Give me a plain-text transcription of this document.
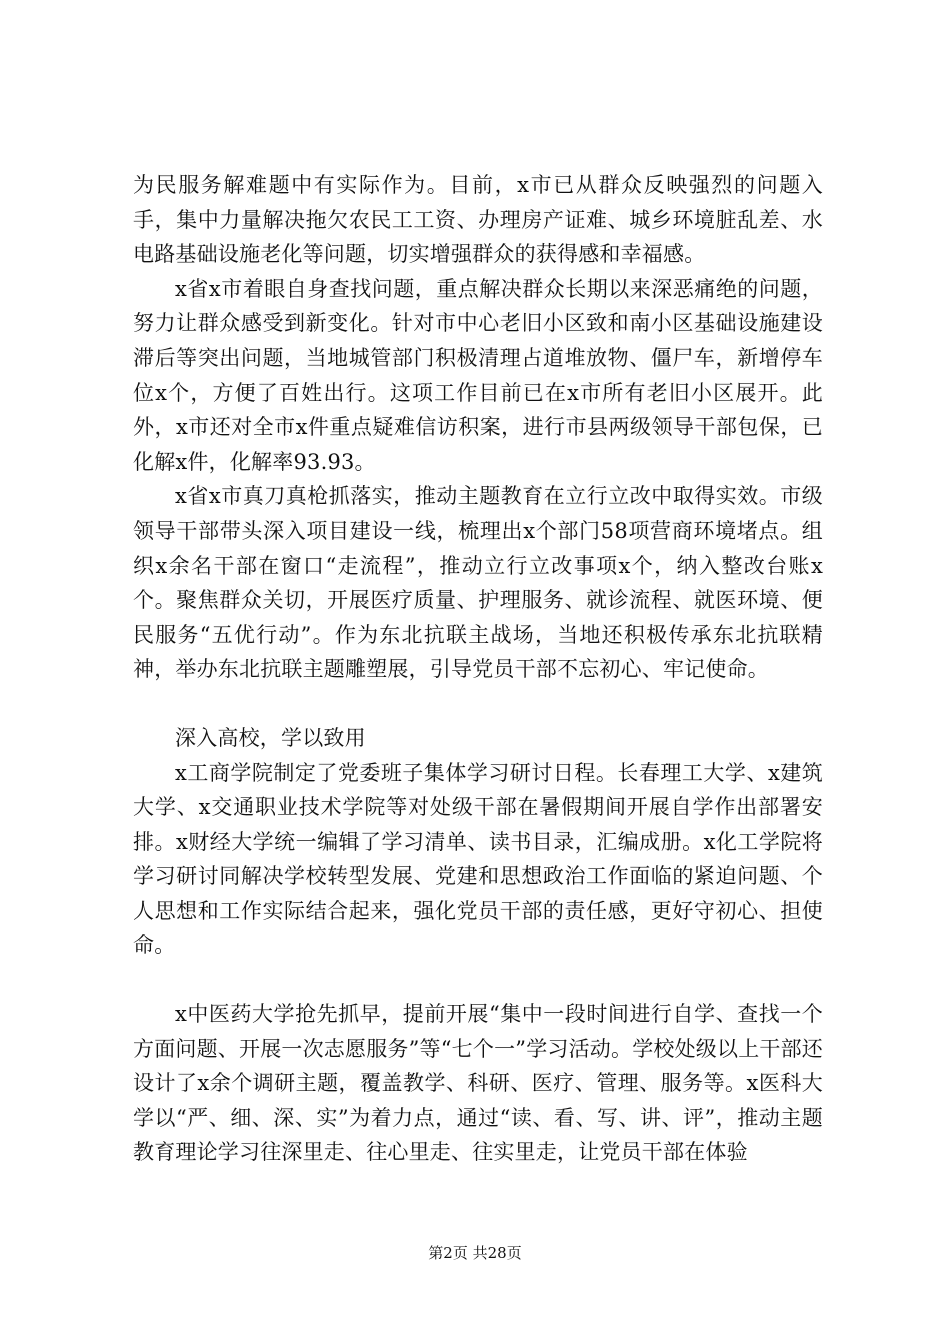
为民服务解难题中有实际作为。目前，x市已从群众反映强烈的问题入手，集中力量解决拖欠农民工工资、办理房产证难、城乡环境脏乱差、水电路基础设施老化等问题，切实增强群众的获得感和幸福感。

x省x市着眼自身查找问题，重点解决群众长期以来深恶痛绝的问题，努力让群众感受到新变化。针对市中心老旧小区致和南小区基础设施建设滞后等突出问题，当地城管部门积极清理占道堆放物、僵尸车，新增停车位x个，方便了百姓出行。这项工作目前已在x市所有老旧小区展开。此外，x市还对全市x件重点疑难信访积案，进行市县两级领导干部包保，已化解x件，化解率93.93。

x省x市真刀真枪抓落实，推动主题教育在立行立改中取得实效。市级领导干部带头深入项目建设一线，梳理出x个部门58项营商环境堵点。组织x余名干部在窗口“走流程”，推动立行立改事项x个，纳入整改台账x个。聚焦群众关切，开展医疗质量、护理服务、就诊流程、就医环境、便民服务“五优行动”。作为东北抗联主战场，当地还积极传承东北抗联精神，举办东北抗联主题雕塑展，引导党员干部不忘初心、牢记使命。

深入高校，学以致用

x工商学院制定了党委班子集体学习研讨日程。长春理工大学、x建筑大学、x交通职业技术学院等对处级干部在暑假期间开展自学作出部署安排。x财经大学统一编辑了学习清单、读书目录，汇编成册。x化工学院将学习研讨同解决学校转型发展、党建和思想政治工作面临的紧迫问题、个人思想和工作实际结合起来，强化党员干部的责任感，更好守初心、担使命。

x中医药大学抢先抓早，提前开展“集中一段时间进行自学、查找一个方面问题、开展一次志愿服务”等“七个一”学习活动。学校处级以上干部还设计了x余个调研主题，覆盖教学、科研、医疗、管理、服务等。x医科大学以“严、细、深、实”为着力点，通过“读、看、写、讲、评”，推动主题教育理论学习往深里走、往心里走、往实里走，让党员干部在体验

第2页 共28页
